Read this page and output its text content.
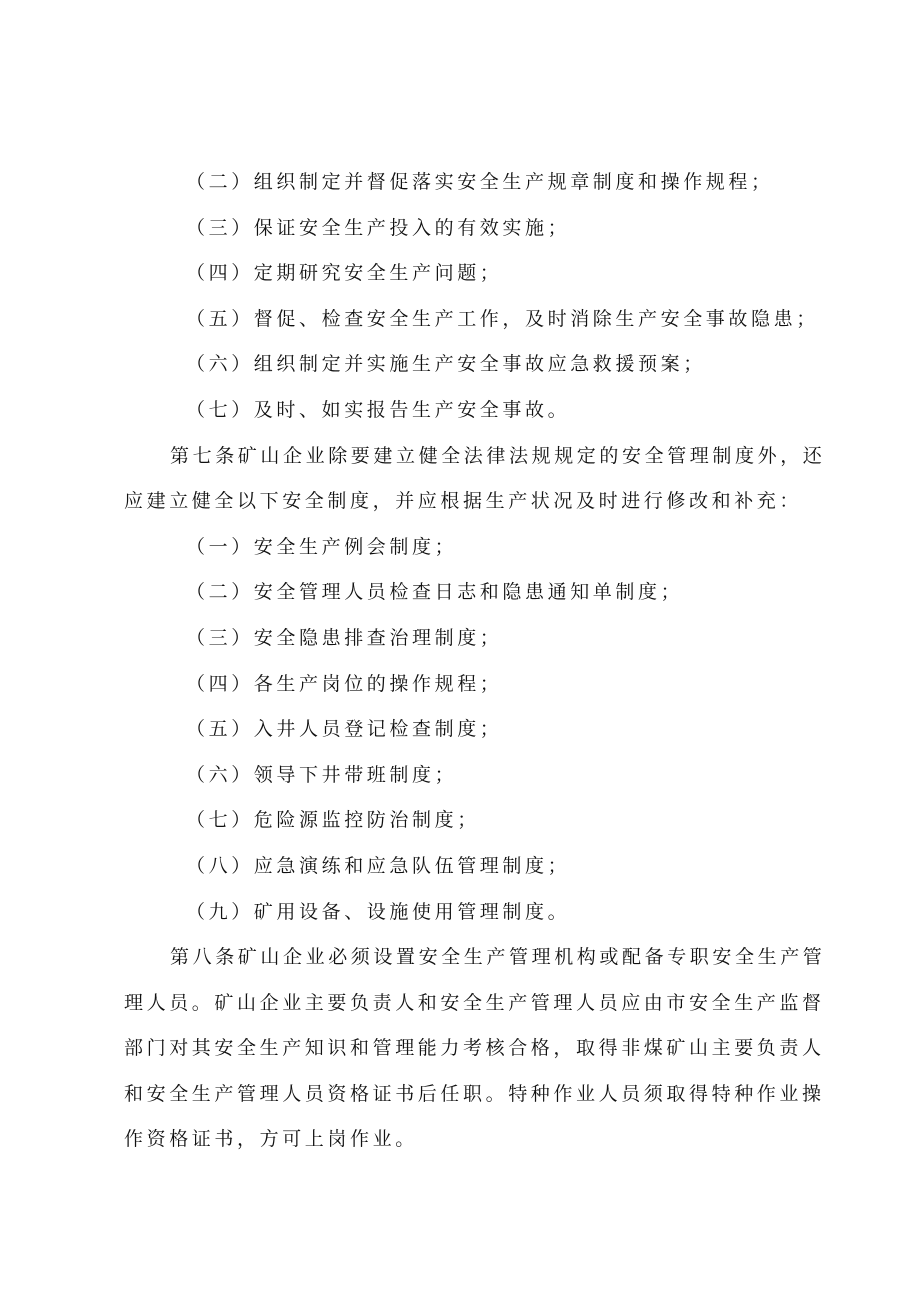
（二）组织制定并督促落实安全生产规章制度和操作规程；
（三）保证安全生产投入的有效实施；
（四）定期研究安全生产问题；
（五）督促、检查安全生产工作，及时消除生产安全事故隐患；
（六）组织制定并实施生产安全事故应急救援预案；
（七）及时、如实报告生产安全事故。
第七条矿山企业除要建立健全法律法规规定的安全管理制度外，还
应建立健全以下安全制度，并应根据生产状况及时进行修改和补充：
（一）安全生产例会制度；
（二）安全管理人员检查日志和隐患通知单制度；
（三）安全隐患排查治理制度；
（四）各生产岗位的操作规程；
（五）入井人员登记检查制度；
（六）领导下井带班制度；
（七）危险源监控防治制度；
（八）应急演练和应急队伍管理制度；
（九）矿用设备、设施使用管理制度。
第八条矿山企业必须设置安全生产管理机构或配备专职安全生产管
理人员。矿山企业主要负责人和安全生产管理人员应由市安全生产监督
部门对其安全生产知识和管理能力考核合格，取得非煤矿山主要负责人
和安全生产管理人员资格证书后任职。特种作业人员须取得特种作业操
作资格证书，方可上岗作业。
